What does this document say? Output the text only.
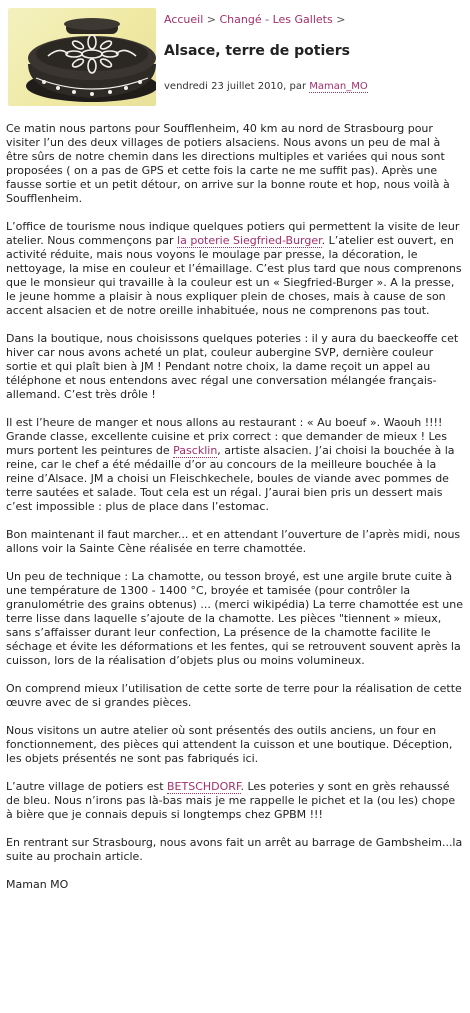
Accueil > Changé - Les Gallets >
Alsace, terre de potiers
vendredi 23 juillet 2010, par Maman_MO

Ce matin nous partons pour Soufflenheim, 40 km au nord de Strasbourg pour visiter l’un des deux villages de potiers alsaciens. Nous avons un peu de mal à être sûrs de notre chemin dans les directions multiples et variées qui nous sont proposées ( on a pas de GPS et cette fois la carte ne me suffit pas). Après une fausse sortie et un petit détour, on arrive sur la bonne route et hop, nous voilà à Soufflenheim.

L’office de tourisme nous indique quelques potiers qui permettent la visite de leur atelier. Nous commençons par la poterie Siegfried-Burger. L’atelier est ouvert, en activité réduite, mais nous voyons le moulage par presse, la décoration, le nettoyage, la mise en couleur et l’émaillage. C’est plus tard que nous comprenons que le monsieur qui travaille à la couleur est un « Siegfried-Burger ». A la presse, le jeune homme a plaisir à nous expliquer plein de choses, mais à cause de son accent alsacien et de notre oreille inhabituée, nous ne comprenons pas tout.

Dans la boutique, nous choisissons quelques poteries : il y aura du baeckeoffe cet hiver car nous avons acheté un plat, couleur aubergine SVP, dernière couleur sortie et qui plaît bien à JM ! Pendant notre choix, la dame reçoit un appel au téléphone et nous entendons avec régal une conversation mélangée français-allemand. C’est très drôle !

Il est l’heure de manger et nous allons au restaurant : « Au boeuf ». Waouh !!!! Grande classe, excellente cuisine et prix correct : que demander de mieux ! Les murs portent les peintures de Pascklin, artiste alsacien. J’ai choisi la bouchée à la reine, car le chef a été médaille d’or au concours de la meilleure bouchée à la reine d’Alsace. JM a choisi un Fleischkechele, boules de viande avec pommes de terre sautées et salade. Tout cela est un régal. J’aurai bien pris un dessert mais c’est impossible : plus de place dans l’estomac.

Bon maintenant il faut marcher... et en attendant l’ouverture de l’après midi, nous allons voir la Sainte Cène réalisée en terre chamottée.

Un peu de technique : La chamotte, ou tesson broyé, est une argile brute cuite à une température de 1300 - 1400 °C, broyée et tamisée (pour contrôler la granulométrie des grains obtenus) ... (merci wikipédia) La terre chamottée est une terre lisse dans laquelle s’ajoute de la chamotte. Les pièces "tiennent » mieux, sans s’affaisser durant leur confection, La présence de la chamotte facilite le séchage et évite les déformations et les fentes, qui se retrouvent souvent après la cuisson, lors de la réalisation d’objets plus ou moins volumineux.

On comprend mieux l’utilisation de cette sorte de terre pour la réalisation de cette œuvre avec de si grandes pièces.

Nous visitons un autre atelier où sont présentés des outils anciens, un four en fonctionnement, des pièces qui attendent la cuisson et une boutique. Déception, les objets présentés ne sont pas fabriqués ici.

L’autre village de potiers est BETSCHDORF. Les poteries y sont en grès rehaussé de bleu. Nous n’irons pas là-bas mais je me rappelle le pichet et la (ou les) chope à bière que je connais depuis si longtemps chez GPBM !!!

En rentrant sur Strasbourg, nous avons fait un arrêt au barrage de Gambsheim...la suite au prochain article.

Maman MO
